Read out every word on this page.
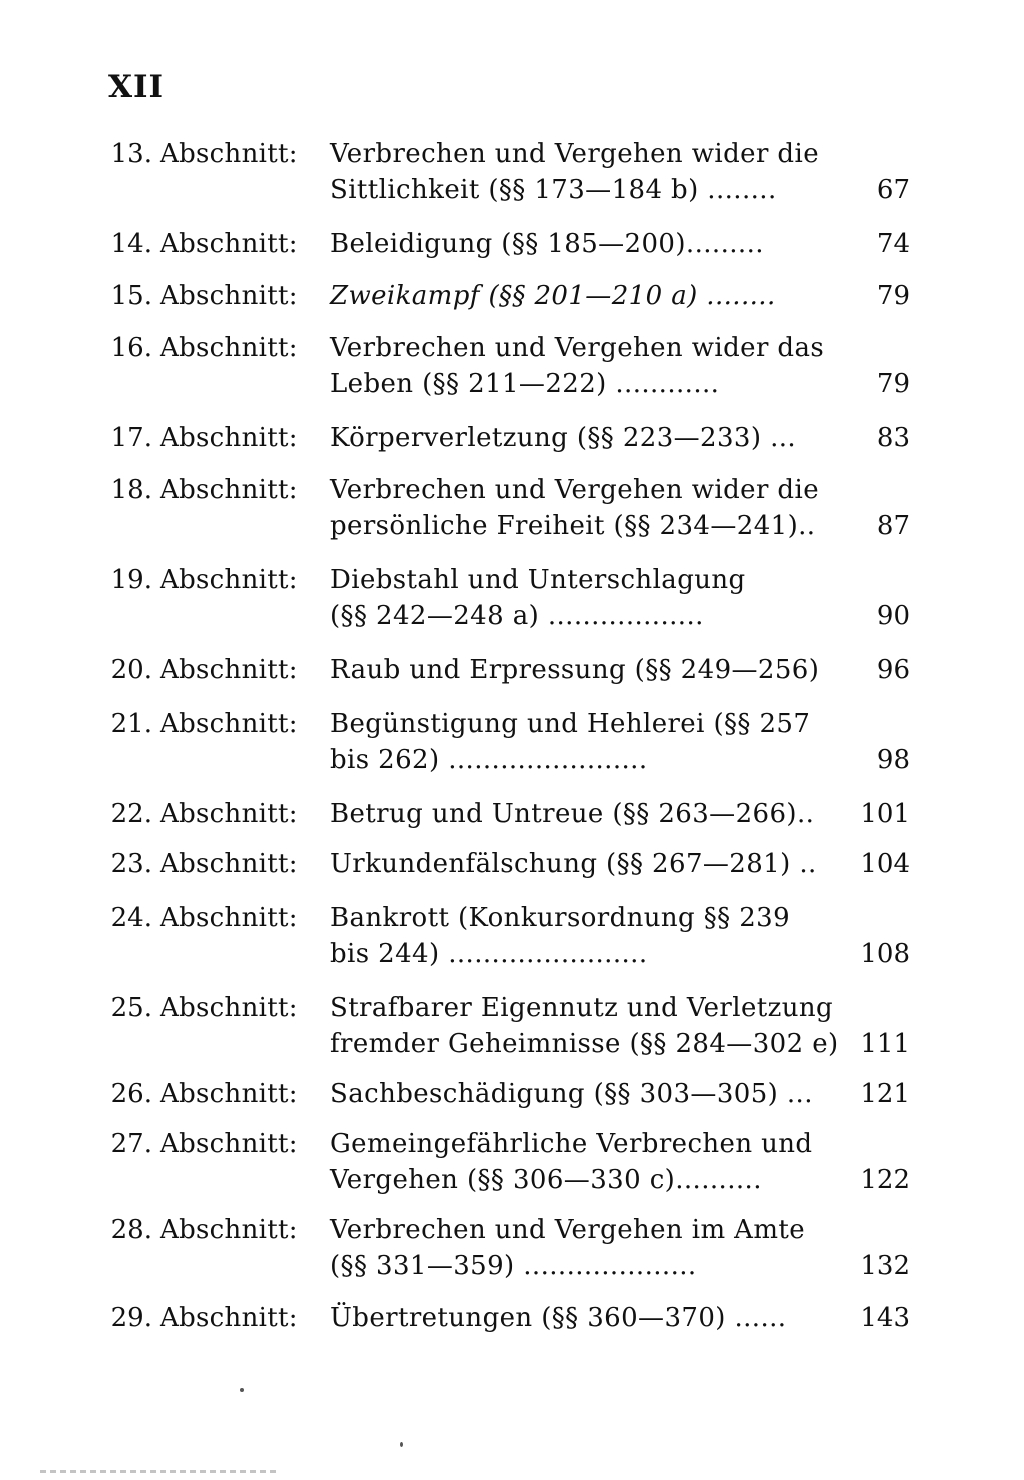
XII
13. Abschnitt: Verbrechen und Vergehen wider die
Sittlichkeit (§§ 173—184 b) ........	67
14. Abschnitt: Beleidigung (§§ 185—200).........	74
15. Abschnitt: Zweikampf (§§ 201—210 a) ........	79
16. Abschnitt: Verbrechen und Vergehen wider das
Leben (§§ 211—222) ............	79
17. Abschnitt: Körperverletzung (§§ 223—233) ...	83
18. Abschnitt: Verbrechen und Vergehen wider die
persönliche Freiheit (§§ 234—241)..	87
19. Abschnitt: Diebstahl und Unterschlagung
(§§ 242—248 a) ..................	90
20. Abschnitt: Raub und Erpressung (§§ 249—256)	96
21. Abschnitt: Begünstigung und Hehlerei (§§ 257
bis 262) .......................	98
22. Abschnitt: Betrug und Untreue (§§ 263—266)..	101
23. Abschnitt: Urkundenfälschung (§§ 267—281) ..	104
24. Abschnitt: Bankrott (Konkursordnung §§ 239
bis 244) .......................	108
25. Abschnitt: Strafbarer Eigennutz und Verletzung
fremder Geheimnisse (§§ 284—302 e) 111
26. Abschnitt: Sachbeschädigung (§§ 303—305) ...	121
27. Abschnitt: Gemeingefährliche Verbrechen und
Vergehen (§§ 306—330 c)..........	122
28. Abschnitt: Verbrechen und Vergehen im Amte
(§§ 331—359) ....................	132
29. Abschnitt: Übertretungen (§§ 360—370) ......	143
